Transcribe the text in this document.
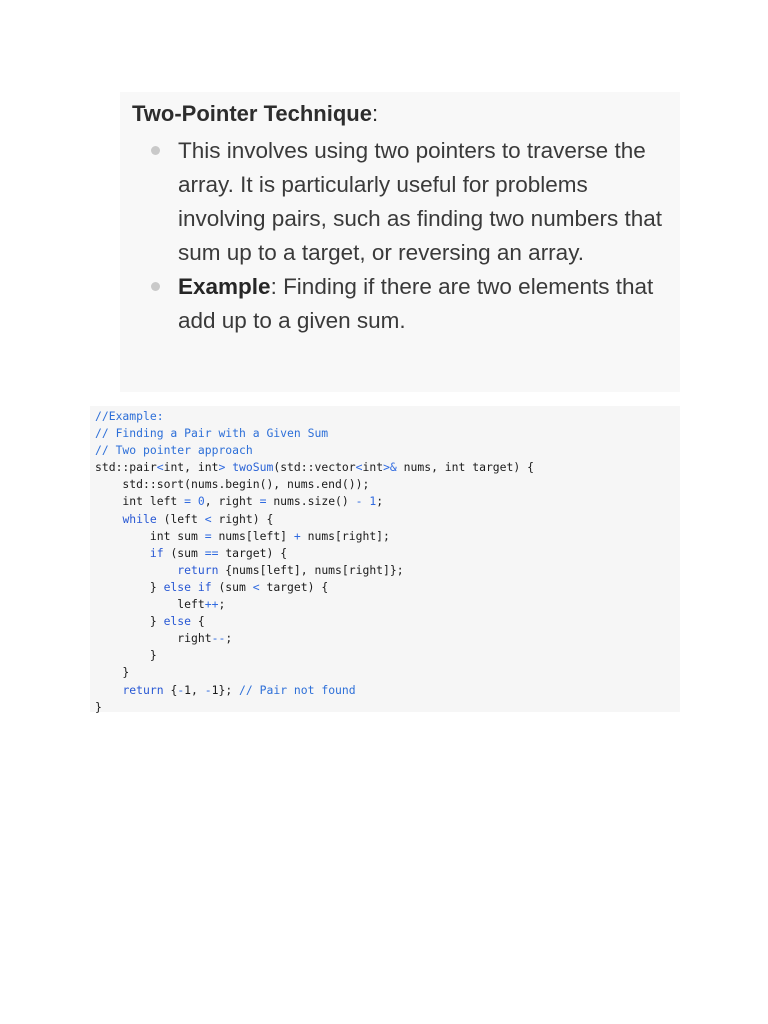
Two-Pointer Technique:

This involves using two pointers to traverse the array. It is particularly useful for problems involving pairs, such as finding two numbers that sum up to a target, or reversing an array.
Example: Finding if there are two elements that add up to a given sum.
//Example:
// Finding a Pair with a Given Sum
// Two pointer approach
std::pair<int, int> twoSum(std::vector<int>& nums, int target) {
std::sort(nums.begin(), nums.end());
int left = 0, right = nums.size() - 1;
while (left < right) {
int sum = nums[left] + nums[right];
if (sum == target) {
return {nums[left], nums[right]};
} else if (sum < target) {
left++;
} else {
right--;
}
}
return {-1, -1}; // Pair not found
}
